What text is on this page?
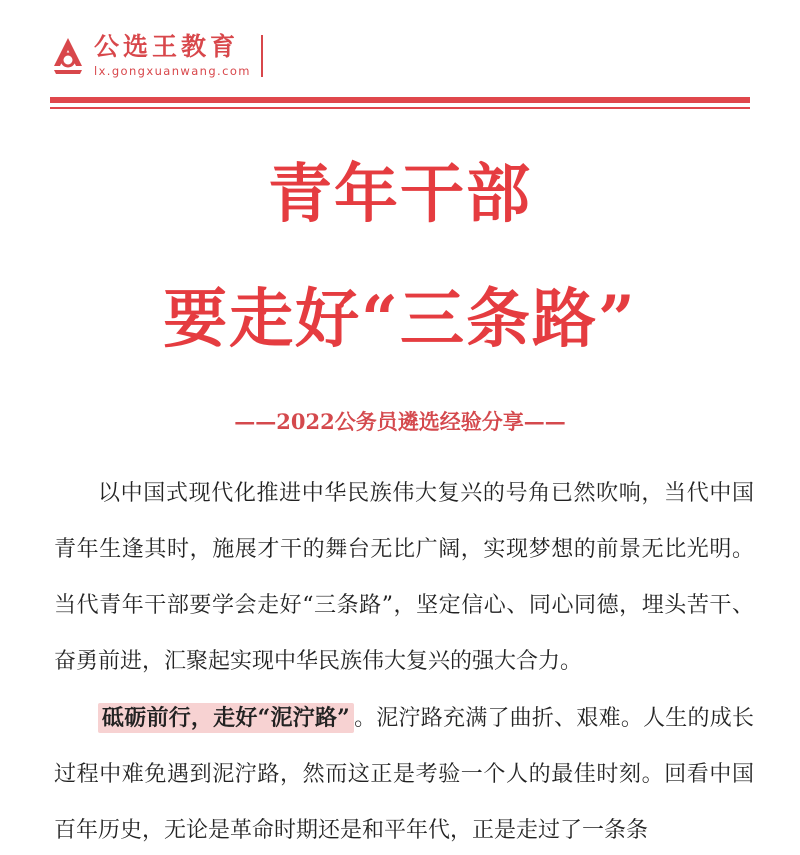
公选王教育
lx.gongxuanwang.com
青年干部
要走好“三条路”
——2022公务员遴选经验分享——

以中国式现代化推进中华民族伟大复兴的号角已然吹响，当代中国青年生逢其时，施展才干的舞台无比广阔，实现梦想的前景无比光明。当代青年干部要学会走好“三条路”，坚定信心、同心同德，埋头苦干、奋勇前进，汇聚起实现中华民族伟大复兴的强大合力。

砥砺前行，走好“泥泞路” 。泥泞路充满了曲折、艰难。人生的成长过程中难免遇到泥泞路，然而这正是考验一个人的最佳时刻。回看中国百年历史，无论是革命时期还是和平年代，正是走过了一条条
